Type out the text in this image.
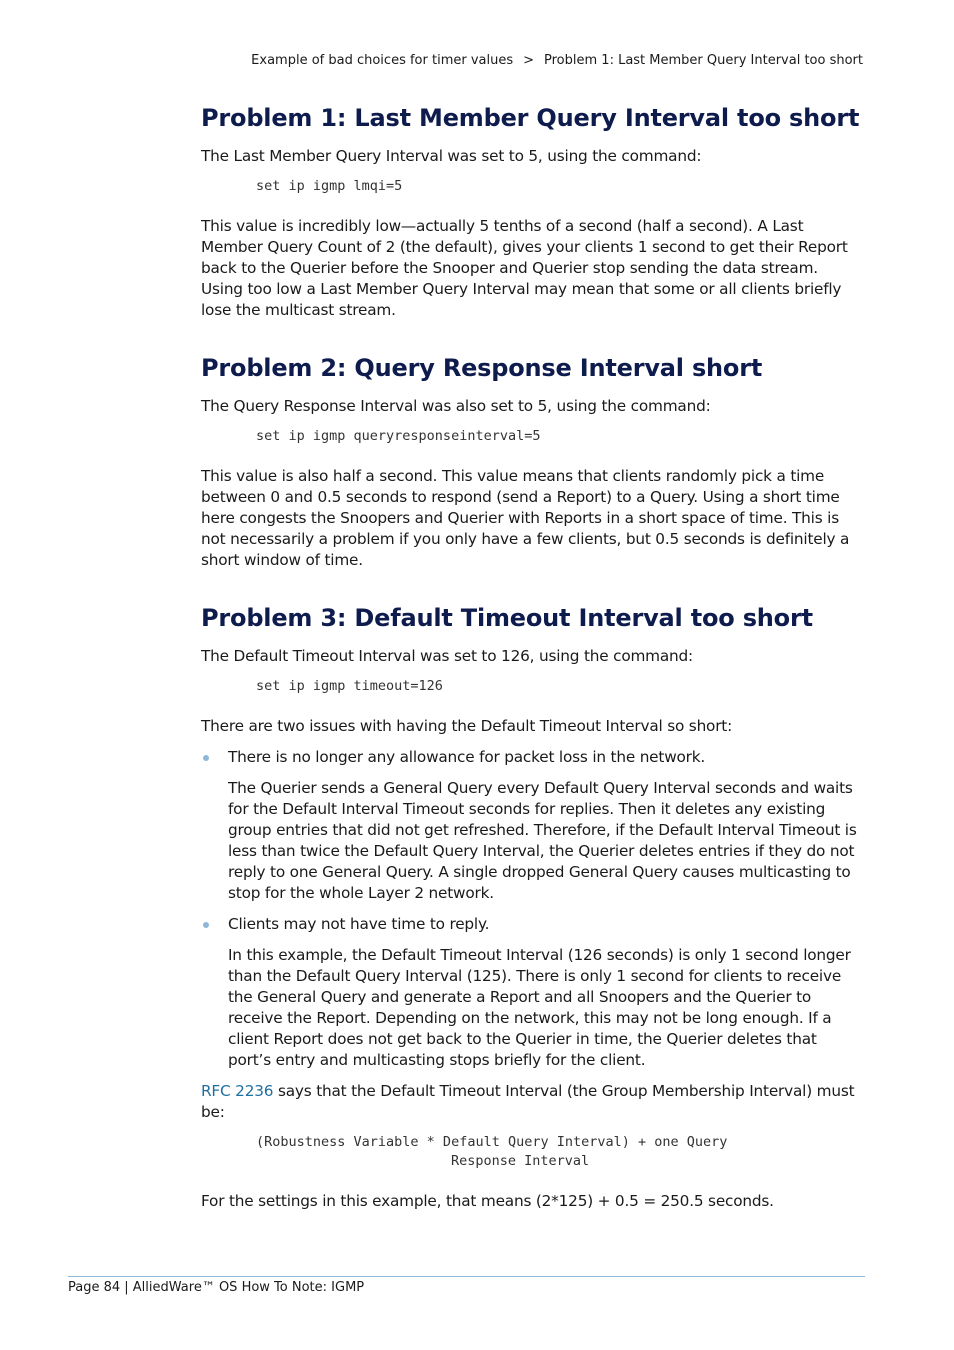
Example of bad choices for timer values > Problem 1: Last Member Query Interval too short
Problem 1: Last Member Query Interval too short

The Last Member Query Interval was set to 5, using the command:

set ip igmp lmqi=5

This value is incredibly low—actually 5 tenths of a second (half a second). A Last Member Query Count of 2 (the default), gives your clients 1 second to get their Report back to the Querier before the Snooper and Querier stop sending the data stream. Using too low a Last Member Query Interval may mean that some or all clients briefly lose the multicast stream.

Problem 2: Query Response Interval short

The Query Response Interval was also set to 5, using the command:

set ip igmp queryresponseinterval=5

This value is also half a second. This value means that clients randomly pick a time between 0 and 0.5 seconds to respond (send a Report) to a Query. Using a short time here congests the Snoopers and Querier with Reports in a short space of time. This is not necessarily a problem if you only have a few clients, but 0.5 seconds is definitely a short window of time.

Problem 3: Default Timeout Interval too short

The Default Timeout Interval was set to 126, using the command:

set ip igmp timeout=126

There are two issues with having the Default Timeout Interval so short:

There is no longer any allowance for packet loss in the network.

The Querier sends a General Query every Default Query Interval seconds and waits for the Default Interval Timeout seconds for replies. Then it deletes any existing group entries that did not get refreshed. Therefore, if the Default Interval Timeout is less than twice the Default Query Interval, the Querier deletes entries if they do not reply to one General Query. A single dropped General Query causes multicasting to stop for the whole Layer 2 network.

Clients may not have time to reply.

In this example, the Default Timeout Interval (126 seconds) is only 1 second longer than the Default Query Interval (125). There is only 1 second for clients to receive the General Query and generate a Report and all Snoopers and the Querier to receive the Report. Depending on the network, this may not be long enough. If a client Report does not get back to the Querier in time, the Querier deletes that port’s entry and multicasting stops briefly for the client.

RFC 2236 says that the Default Timeout Interval (the Group Membership Interval) must be:

(Robustness Variable * Default Query Interval) + one Query
Response Interval

For the settings in this example, that means (2*125) + 0.5 = 250.5 seconds.

Page 84 | AlliedWare™ OS How To Note: IGMP
